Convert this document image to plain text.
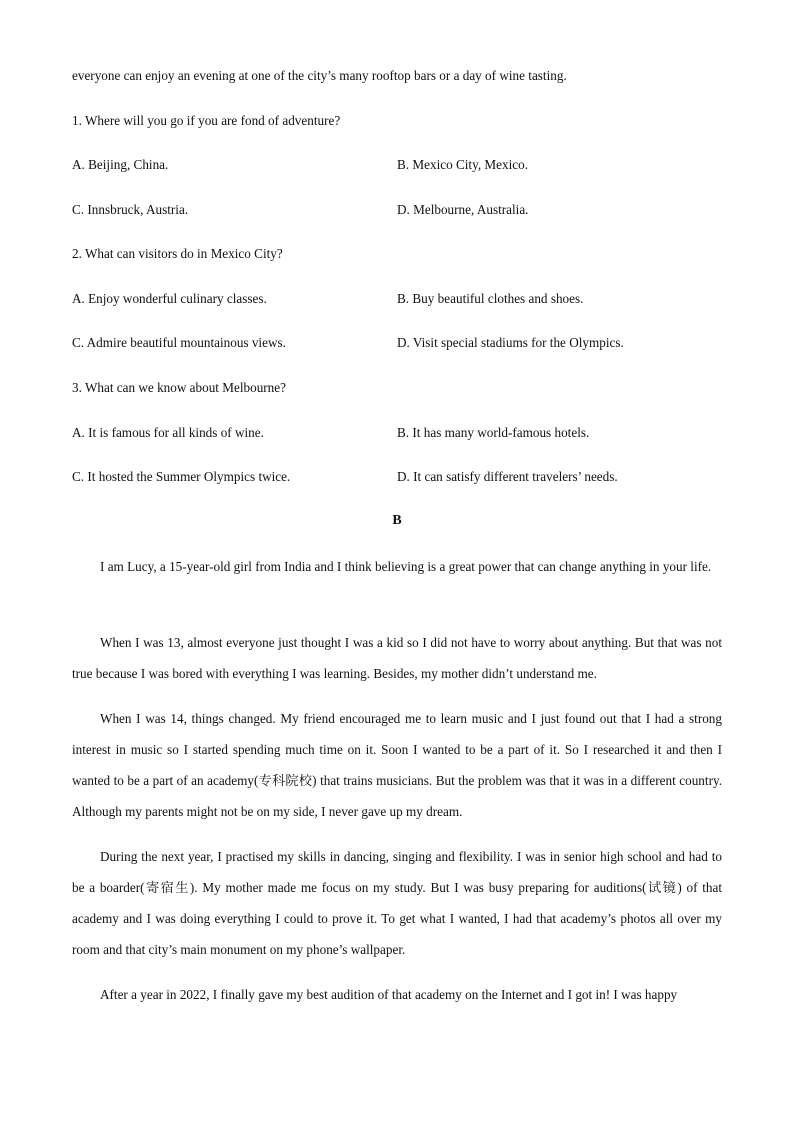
everyone can enjoy an evening at one of the city’s many rooftop bars or a day of wine tasting.
1. Where will you go if you are fond of adventure?
A. Beijing, China.	B. Mexico City, Mexico.
C. Innsbruck, Austria.	D. Melbourne, Australia.
2. What can visitors do in Mexico City?
A. Enjoy wonderful culinary classes.	B. Buy beautiful clothes and shoes.
C. Admire beautiful mountainous views.	D. Visit special stadiums for the Olympics.
3. What can we know about Melbourne?
A. It is famous for all kinds of wine.	B. It has many world-famous hotels.
C. It hosted the Summer Olympics twice.	D. It can satisfy different travelers’ needs.
B
I am Lucy, a 15-year-old girl from India and I think believing is a great power that can change anything in your life.
When I was 13, almost everyone just thought I was a kid so I did not have to worry about anything. But that was not true because I was bored with everything I was learning. Besides, my mother didn’t understand me.
When I was 14, things changed. My friend encouraged me to learn music and I just found out that I had a strong interest in music so I started spending much time on it. Soon I wanted to be a part of it. So I researched it and then I wanted to be a part of an academy(专科院校) that trains musicians. But the problem was that it was in a different country. Although my parents might not be on my side, I never gave up my dream.
During the next year, I practised my skills in dancing, singing and flexibility. I was in senior high school and had to be a boarder(寄宿生). My mother made me focus on my study. But I was busy preparing for auditions(试镜) of that academy and I was doing everything I could to prove it. To get what I wanted, I had that academy’s photos all over my room and that city’s main monument on my phone’s wallpaper.
After a year in 2022, I finally gave my best audition of that academy on the Internet and I got in! I was happy
